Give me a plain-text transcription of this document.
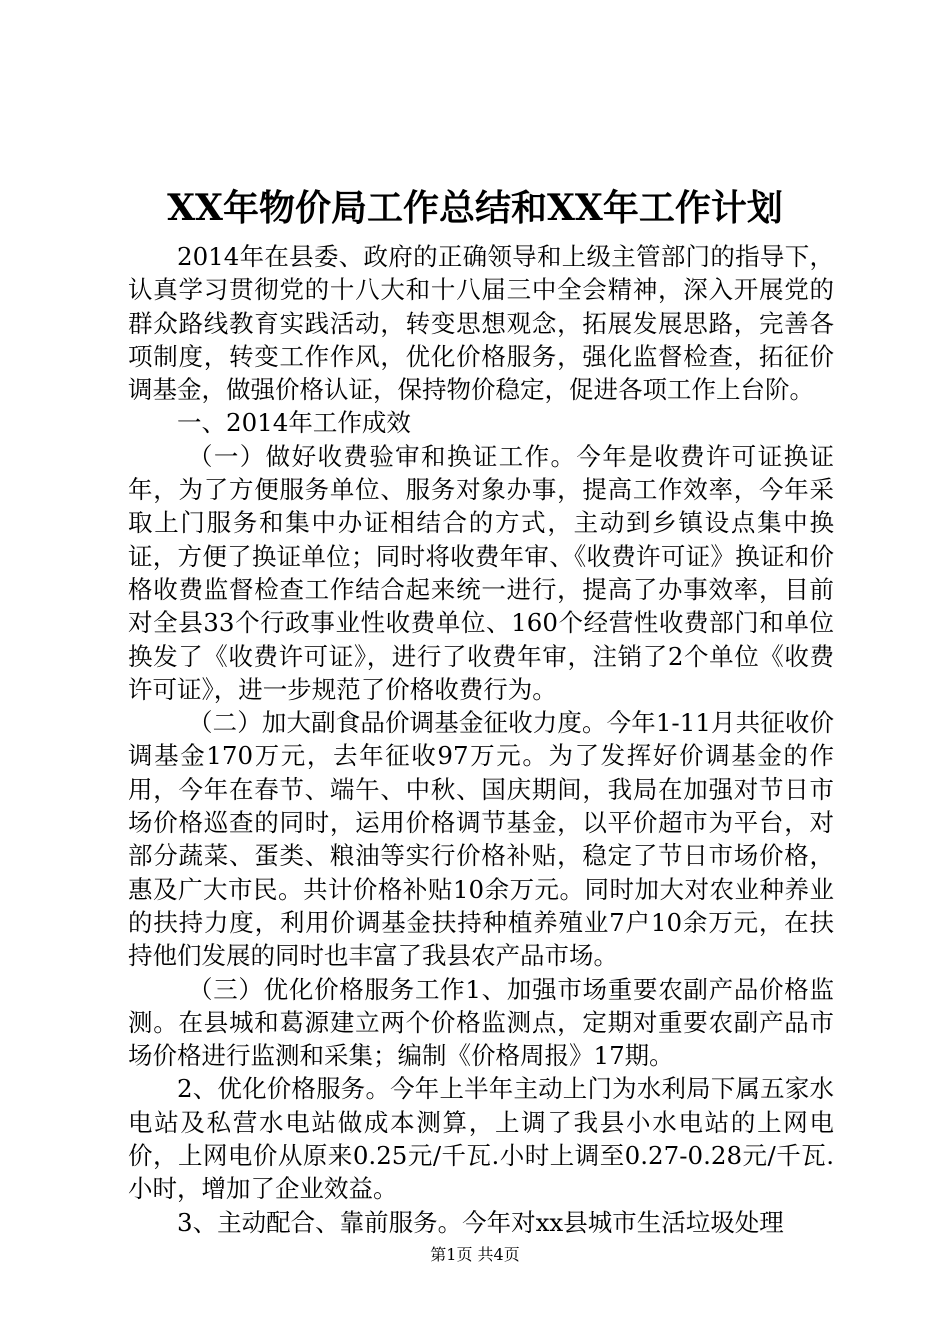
XX年物价局工作总结和XX年工作计划

2014年在县委、政府的正确领导和上级主管部门的指导下，认真学习贯彻党的十八大和十八届三中全会精神，深入开展党的群众路线教育实践活动，转变思想观念，拓展发展思路，完善各项制度，转变工作作风，优化价格服务，强化监督检查，拓征价调基金，做强价格认证，保持物价稳定，促进各项工作上台阶。

一、2014年工作成效

（一）做好收费验审和换证工作。今年是收费许可证换证年，为了方便服务单位、服务对象办事，提高工作效率，今年采取上门服务和集中办证相结合的方式，主动到乡镇设点集中换证，方便了换证单位；同时将收费年审、《收费许可证》换证和价格收费监督检查工作结合起来统一进行，提高了办事效率，目前对全县33个行政事业性收费单位、160个经营性收费部门和单位换发了《收费许可证》，进行了收费年审，注销了2个单位《收费许可证》，进一步规范了价格收费行为。

（二）加大副食品价调基金征收力度。今年1-11月共征收价调基金170万元，去年征收97万元。为了发挥好价调基金的作用，今年在春节、端午、中秋、国庆期间，我局在加强对节日市场价格巡查的同时，运用价格调节基金，以平价超市为平台，对部分蔬菜、蛋类、粮油等实行价格补贴，稳定了节日市场价格，惠及广大市民。共计价格补贴10余万元。同时加大对农业种养业的扶持力度，利用价调基金扶持种植养殖业7户10余万元，在扶持他们发展的同时也丰富了我县农产品市场。

（三）优化价格服务工作1、加强市场重要农副产品价格监测。在县城和葛源建立两个价格监测点，定期对重要农副产品市场价格进行监测和采集；编制《价格周报》17期。

2、优化价格服务。今年上半年主动上门为水利局下属五家水电站及私营水电站做成本测算，上调了我县小水电站的上网电价，上网电价从原来0.25元/千瓦.小时上调至0.27-0.28元/千瓦.小时，增加了企业效益。

3、主动配合、靠前服务。今年对xx县城市生活垃圾处理

第1页 共4页
